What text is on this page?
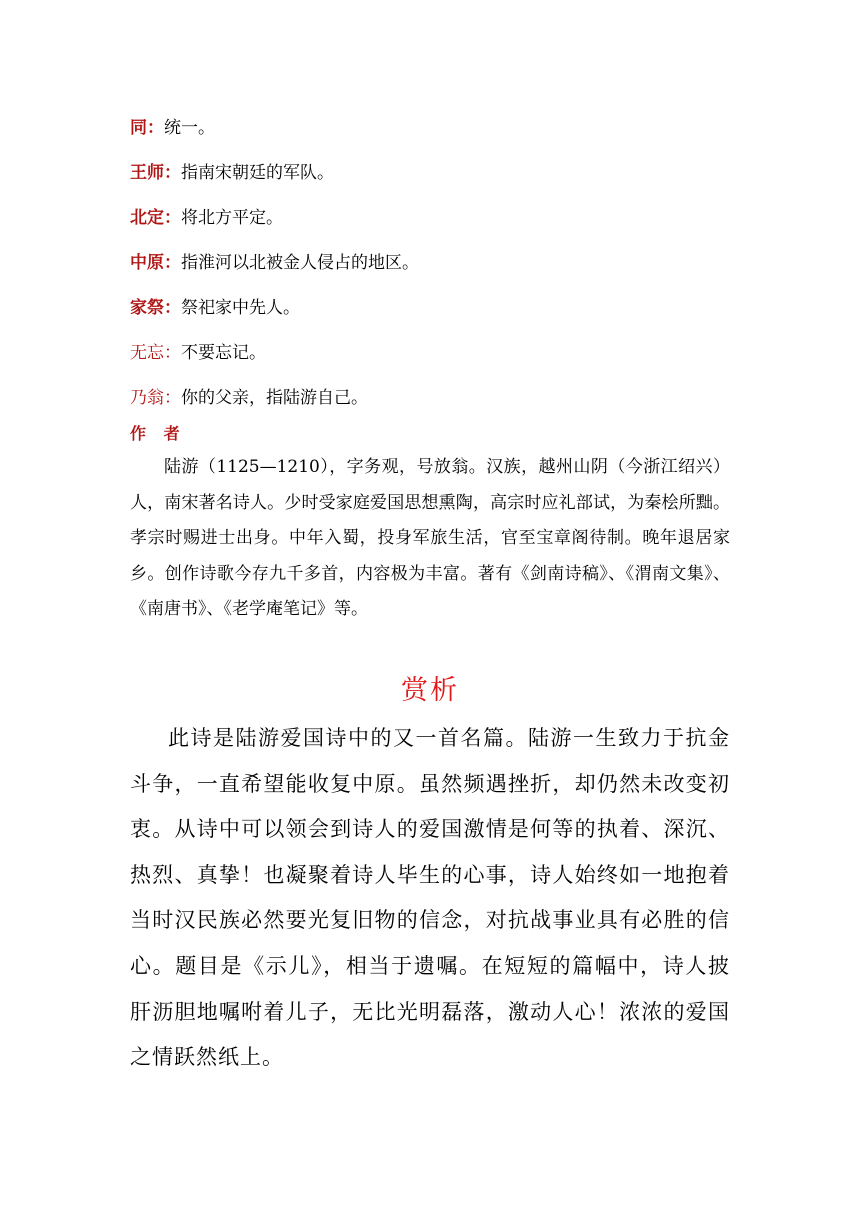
同：统一。
王师：指南宋朝廷的军队。
北定：将北方平定。
中原：指淮河以北被金人侵占的地区。
家祭：祭祀家中先人。
无忘：不要忘记。
乃翁：你的父亲，指陆游自己。
作 者
陆游（1125—1210），字务观，号放翁。汉族，越州山阴（今浙江绍兴）人，南宋著名诗人。少时受家庭爱国思想熏陶，高宗时应礼部试，为秦桧所黜。孝宗时赐进士出身。中年入蜀，投身军旅生活，官至宝章阁待制。晚年退居家乡。创作诗歌今存九千多首，内容极为丰富。著有《剑南诗稿》、《渭南文集》、《南唐书》、《老学庵笔记》等。
赏析
此诗是陆游爱国诗中的又一首名篇。陆游一生致力于抗金斗争，一直希望能收复中原。虽然频遇挫折，却仍然未改变初衷。从诗中可以领会到诗人的爱国激情是何等的执着、深沉、热烈、真挚！也凝聚着诗人毕生的心事，诗人始终如一地抱着当时汉民族必然要光复旧物的信念，对抗战事业具有必胜的信心。题目是《示儿》，相当于遗嘱。在短短的篇幅中，诗人披肝沥胆地嘱咐着儿子，无比光明磊落，激动人心！浓浓的爱国之情跃然纸上。
